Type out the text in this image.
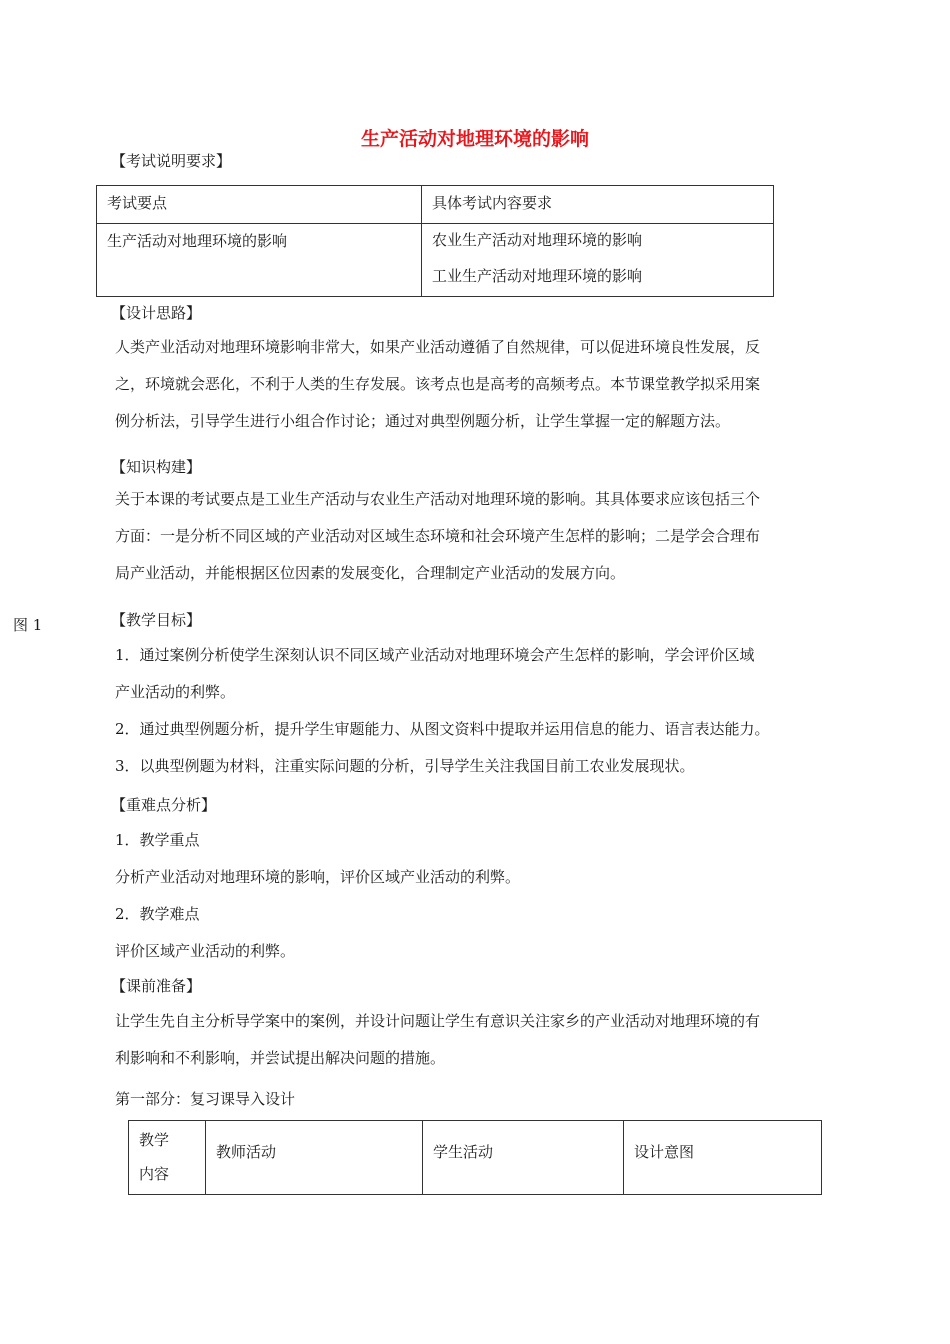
生产活动对地理环境的影响
【考试说明要求】
考试要点	具体考试内容要求
生产活动对地理环境的影响	农业生产活动对地理环境的影响
工业生产活动对地理环境的影响
【设计思路】
人类产业活动对地理环境影响非常大，如果产业活动遵循了自然规律，可以促进环境良性发展，反
之，环境就会恶化，不利于人类的生存发展。该考点也是高考的高频考点。本节课堂教学拟采用案
例分析法，引导学生进行小组合作讨论；通过对典型例题分析，让学生掌握一定的解题方法。
【知识构建】
关于本课的考试要点是工业生产活动与农业生产活动对地理环境的影响。其具体要求应该包括三个
方面：一是分析不同区域的产业活动对区域生态环境和社会环境产生怎样的影响；二是学会合理布
局产业活动，并能根据区位因素的发展变化，合理制定产业活动的发展方向。
图 1	【教学目标】
1．通过案例分析使学生深刻认识不同区域产业活动对地理环境会产生怎样的影响，学会评价区域
产业活动的利弊。
2．通过典型例题分析，提升学生审题能力、从图文资料中提取并运用信息的能力、语言表达能力。
3．以典型例题为材料，注重实际问题的分析，引导学生关注我国目前工农业发展现状。
【重难点分析】
1．教学重点
分析产业活动对地理环境的影响，评价区域产业活动的利弊。
2．教学难点
评价区域产业活动的利弊。
【课前准备】
让学生先自主分析导学案中的案例，并设计问题让学生有意识关注家乡的产业活动对地理环境的有
利影响和不利影响，并尝试提出解决问题的措施。
第一部分：复习课导入设计
教学
内容
	教师活动	学生活动	设计意图
